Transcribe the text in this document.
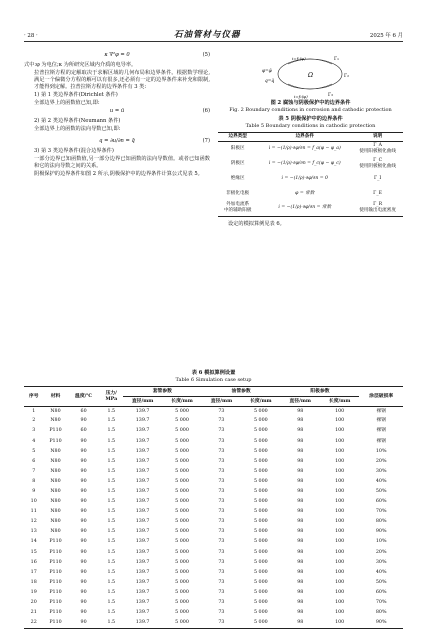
· 28 ·	石油管材与仪器	2025 年 6 月
κ ∇²φ = 0	(5)

式中:φ 为电位;κ 为所研究区域内介质的电导率。

拉普拉斯方程的定解取决于求解区域的几何布局和边界条件。根据数学理论,满足一个偏微分方程的解可以有很多,还必须有一定的边界条件来补充和限制,才能得到定解。拉普拉斯方程的边界条件有 3 类:

1) 第 1 类边界条件(Dirichlet 条件)

全部边界上的函数值已知,即:

u = ū	(6)

2) 第 2 类边界条件(Neumann 条件)

全部边界上的函数的法向导数已知,即:

q = ∂u/∂n = q̄	(7)

3) 第 3 类边界条件(混合边界条件)

一部分边界已知函数值,另一部分边界已知函数的法向导数值。或者已知函数和它的法向导数之间的关系。

阴极保护的边界条件如图 2 所示,阴极保护中的边界条件计算公式见表 5。

Ω
Γ₁
Γ₂
Γ₃
φ=φ̄
q=q̄
i=f₁(φ)
i=f₂(φ)
图 2 腐蚀与阴极保护中的边界条件
Fig. 2 Boundary conditions in corrosion and cathodic protection
表 5 阴极保护中的边界条件
Table 5 Boundary conditions in cathodic protection
边界类型	边界条件	说明
阳极区	i = −(1/ρ)·∂φ/∂n = f_a(φ − φ_a)	Γ_A
使用阳极极化曲线
阴极区	i = −(1/ρ)·∂φ/∂n = f_c(φ − φ_c)	Γ_C
使用阴极极化曲线
绝缘区	i = −(1/ρ)·∂φ/∂n = 0	Γ_I
非极化电极	φ = 常数	Γ_E
外加电流系
中的辅助阳极	i = −(1/ρ)·∂φ/∂n = 常数	Γ_R
使用输出电流密度

设定的模拟算例见表 6。

表 6 模拟算例设置
Table 6 Simulation case setup
序号	材料	温度/℃	压力/
MPa	套管参数		油管参数		阳极参数		涂层破损率
				直径/mm	长度/mm	直径/mm	长度/mm	直径/mm	长度/mm	
1	N80	60	1.5	139.7	5 000	73	5 000	98	100	裸钢
2	N80	90	1.5	139.7	5 000	73	5 000	98	100	裸钢
3	P110	60	1.5	139.7	5 000	73	5 000	98	100	裸钢
4	P110	90	1.5	139.7	5 000	73	5 000	98	100	裸钢
5	N80	90	1.5	139.7	5 000	73	5 000	98	100	10%
6	N80	90	1.5	139.7	5 000	73	5 000	98	100	20%
7	N80	90	1.5	139.7	5 000	73	5 000	98	100	30%
8	N80	90	1.5	139.7	5 000	73	5 000	98	100	40%
9	N80	90	1.5	139.7	5 000	73	5 000	98	100	50%
10	N80	90	1.5	139.7	5 000	73	5 000	98	100	60%
11	N80	90	1.5	139.7	5 000	73	5 000	98	100	70%
12	N80	90	1.5	139.7	5 000	73	5 000	98	100	80%
13	N80	90	1.5	139.7	5 000	73	5 000	98	100	90%
14	P110	90	1.5	139.7	5 000	73	5 000	98	100	10%
15	P110	90	1.5	139.7	5 000	73	5 000	98	100	20%
16	P110	90	1.5	139.7	5 000	73	5 000	98	100	30%
17	P110	90	1.5	139.7	5 000	73	5 000	98	100	40%
18	P110	90	1.5	139.7	5 000	73	5 000	98	100	50%
19	P110	90	1.5	139.7	5 000	73	5 000	98	100	60%
20	P110	90	1.5	139.7	5 000	73	5 000	98	100	70%
21	P110	90	1.5	139.7	5 000	73	5 000	98	100	80%
22	P110	90	1.5	139.7	5 000	73	5 000	98	100	90%
